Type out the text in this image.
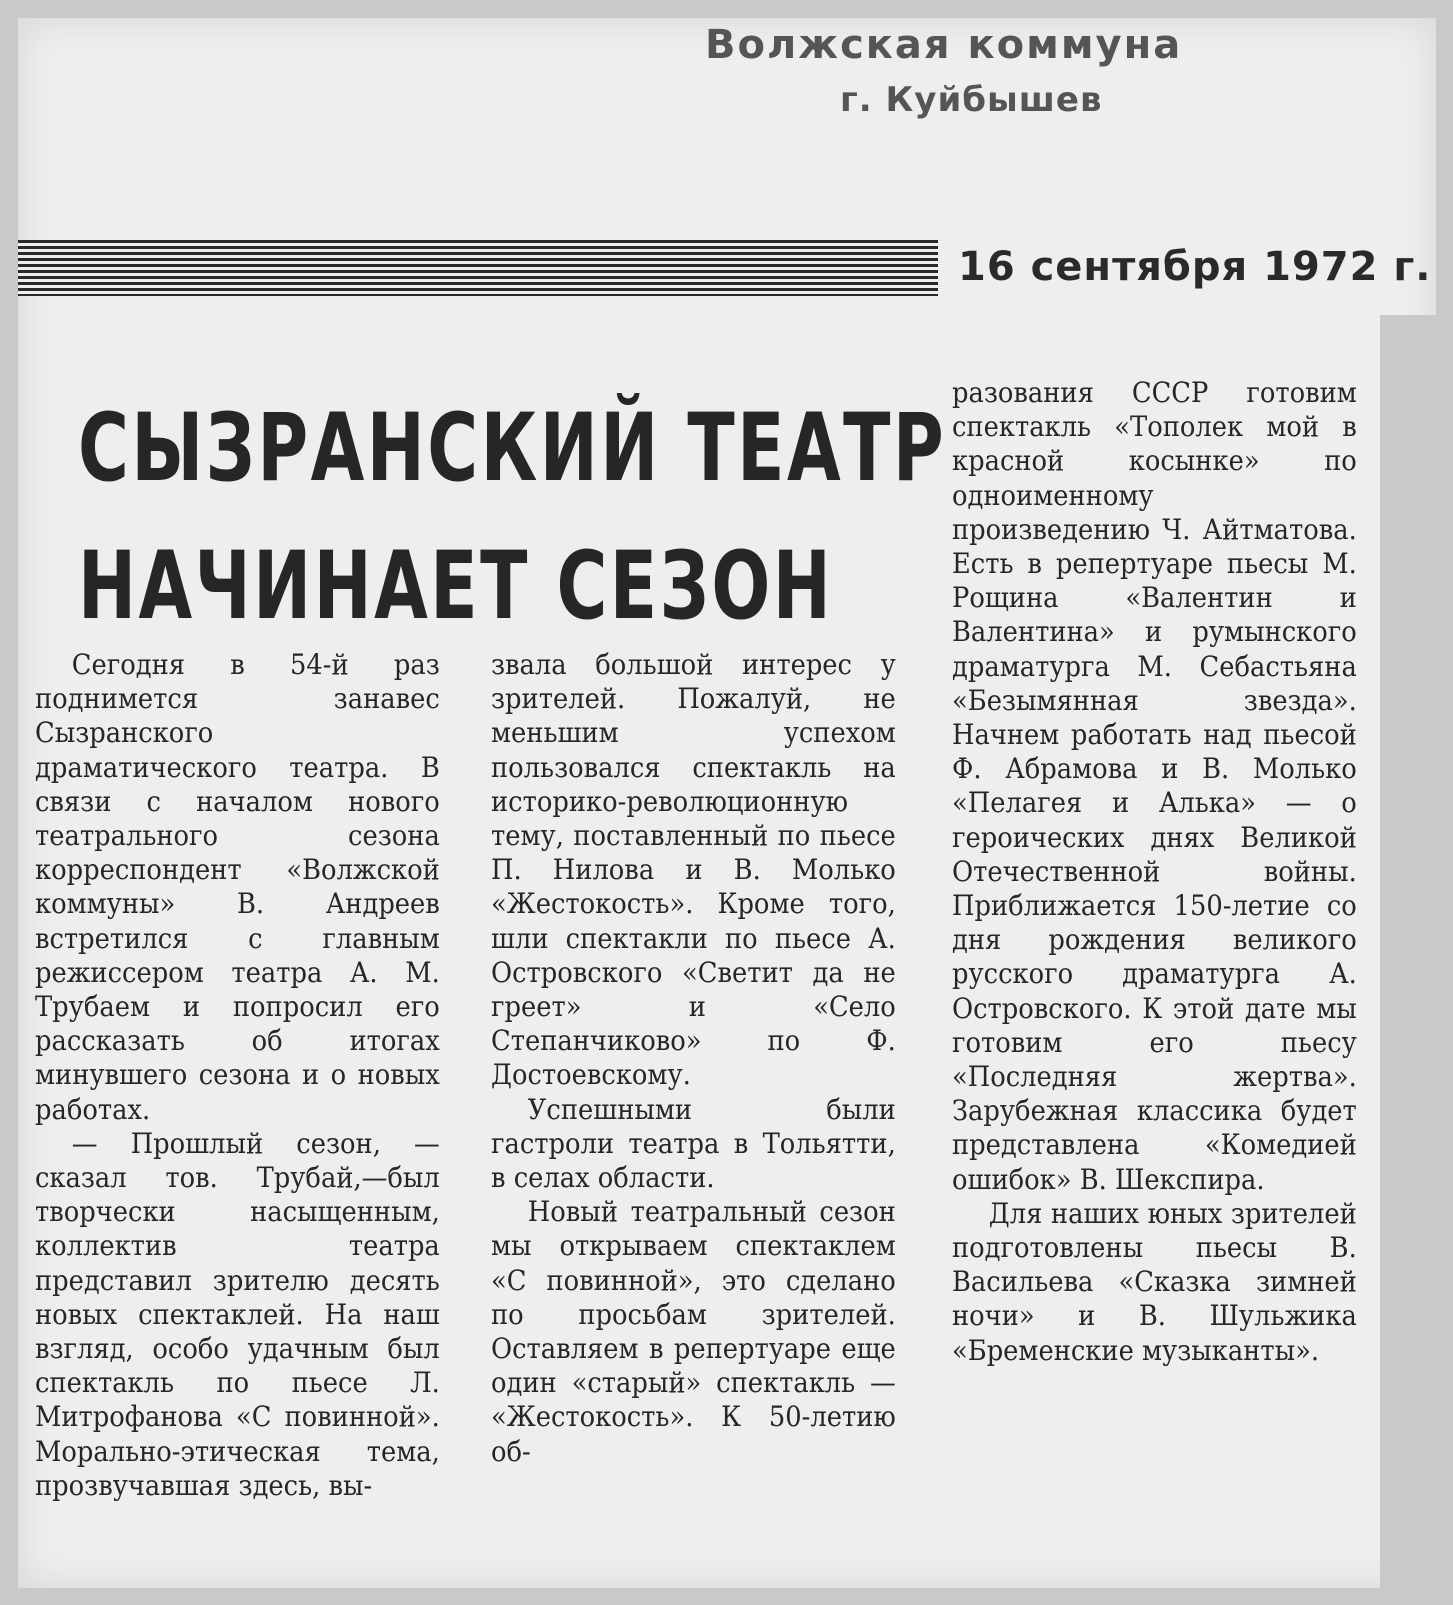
Волжская коммуна
г. Куйбышев
16 сентября 1972 г.
СЫЗРАНСКИЙ ТЕАТР
НАЧИНАЕТ СЕЗОН

Сегодня в 54-й раз поднимется занавес Сызранского драматического театра. В связи с началом нового театрального сезона корреспондент «Волжской коммуны» В. Андреев встретился с главным режиссером театра А. М. Трубаем и попросил его рассказать об итогах минувшего сезона и о новых работах.

— Прошлый сезон, — сказал тов. Трубай,—был творчески насыщенным, коллектив театра представил зрителю десять новых спектаклей. На наш взгляд, особо удачным был спектакль по пьесе Л. Митрофанова «С повинной». Морально-этическая тема, прозвучавшая здесь, вы-

звала большой интерес у зрителей. Пожалуй, не меньшим успехом пользовался спектакль на историко-революционную тему, поставленный по пьесе П. Нилова и В. Молько «Жестокость». Кроме того, шли спектакли по пьесе А. Островского «Светит да не греет» и «Село Степанчиково» по Ф. Достоевскому.

Успешными были гастроли театра в Тольятти, в селах области.

Новый театральный сезон мы открываем спектаклем «С повинной», это сделано по просьбам зрителей. Оставляем в репертуаре еще один «старый» спектакль — «Жестокость». К 50-летию об-

разования СССР готовим спектакль «Тополек мой в красной косынке» по одноименному произведению Ч. Айтматова. Есть в репертуаре пьесы М. Рощина «Валентин и Валентина» и румынского драматурга М. Себастьяна «Безымянная звезда». Начнем работать над пьесой Ф. Абрамова и В. Молько «Пелагея и Алька» — о героических днях Великой Отечественной войны. Приближается 150-летие со дня рождения великого русского драматурга А. Островского. К этой дате мы готовим его пьесу «Последняя жертва». Зарубежная классика будет представлена «Комедией ошибок» В. Шекспира.

Для наших юных зрителей подготовлены пьесы В. Васильева «Сказка зимней ночи» и В. Шульжика «Бременские музыканты».
